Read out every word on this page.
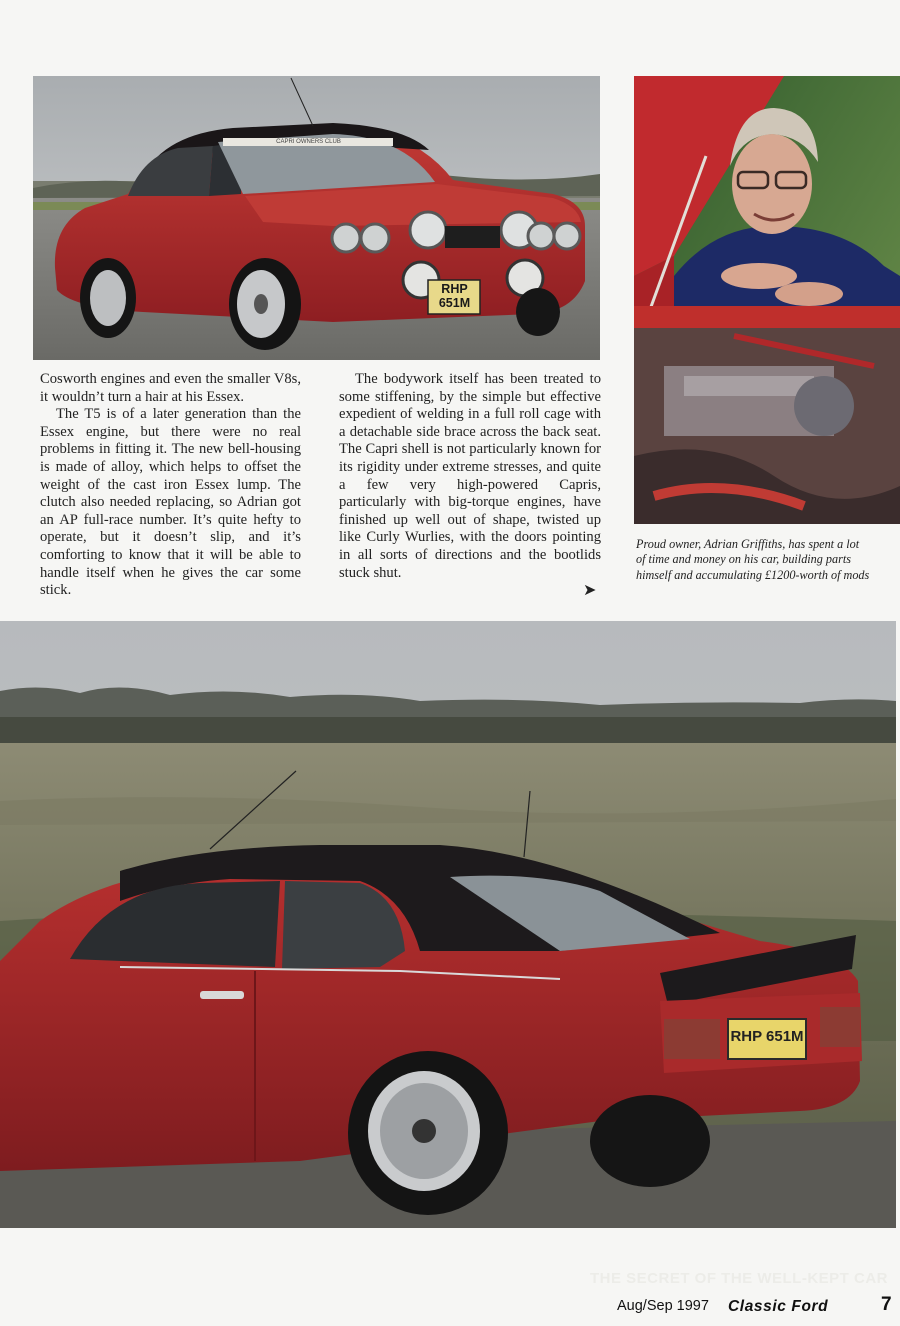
RHP 651M
CAPRI OWNERS CLUB

Cosworth engines and even the smaller V8s, it wouldn’t turn a hair at his Essex.

The T5 is of a later generation than the Essex engine, but there were no real problems in fitting it. The new bell-housing is made of alloy, which helps to offset the weight of the cast iron Essex lump. The clutch also needed replacing, so Adrian got an AP full-race number. It’s quite hefty to operate, but it doesn’t slip, and it’s comforting to know that it will be able to handle itself when he gives the car some stick.

The bodywork itself has been treated to some stiffening, by the simple but effective expedient of welding in a full roll cage with a detachable side brace across the back seat. The Capri shell is not particularly known for its rigidity under extreme stresses, and quite a few very high-powered Capris, particularly with big-torque engines, have finished up well out of shape, twisted up like Curly Wurlies, with the doors pointing in all sorts of directions and the bootlids stuck shut.

➤
Proud owner, Adrian Griffiths, has spent a lot
of time and money on his car, building parts
himself and accumulating £1200-worth of mods
RHP 651M
THE SECRET OF THE WELL-KEPT CAR
Aug/Sep 1997 Classic Ford	7
